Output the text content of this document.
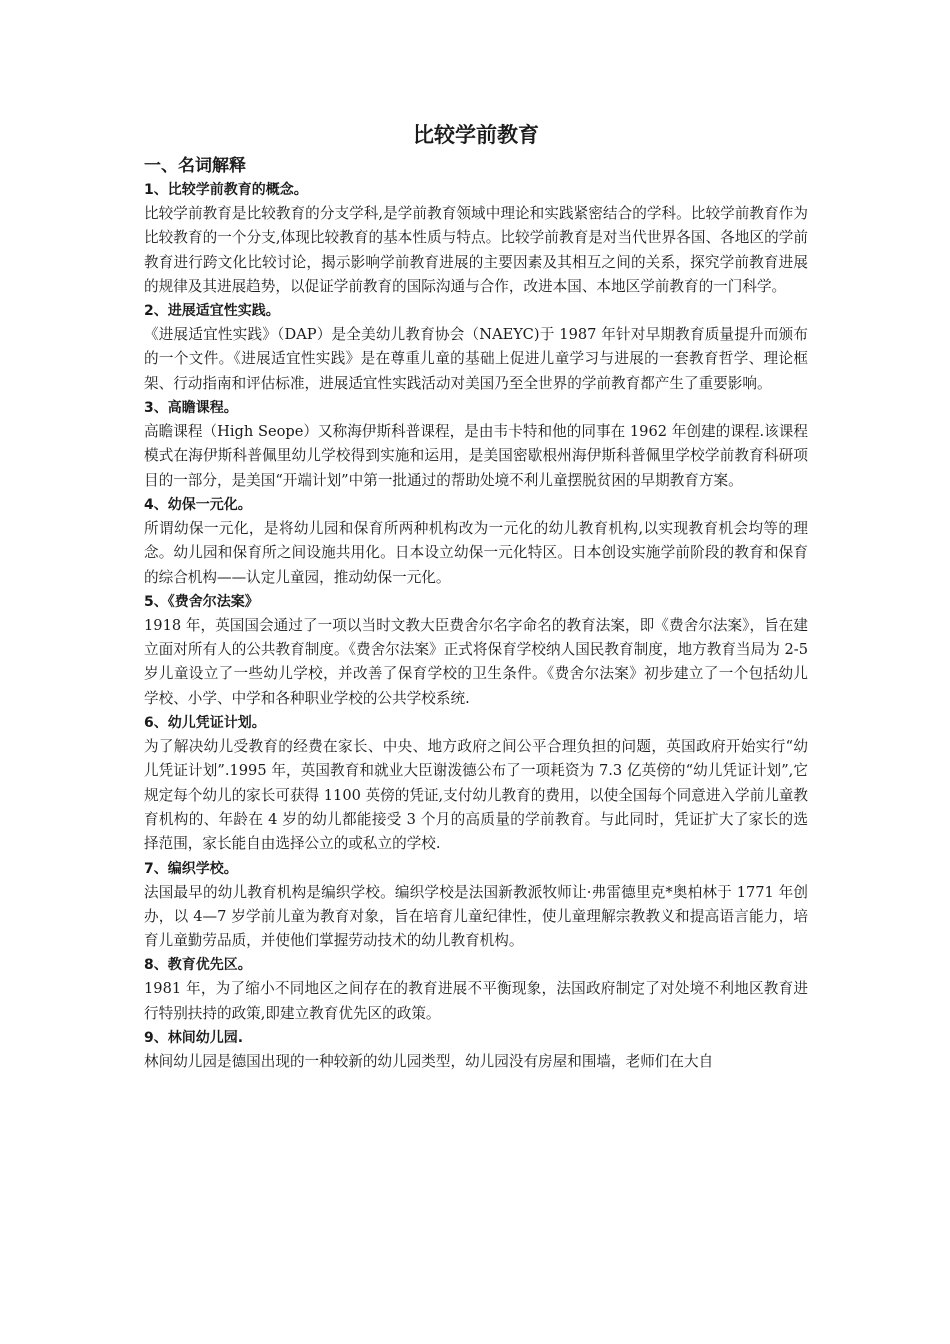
比较学前教育
一、名词解释
1、比较学前教育的概念。

比较学前教育是比较教育的分支学科,是学前教育领域中理论和实践紧密结合的学科。比较学前教育作为比较教育的一个分支,体现比较教育的基本性质与特点。比较学前教育是对当代世界各国、各地区的学前教育进行跨文化比较讨论，揭示影响学前教育进展的主要因素及其相互之间的关系，探究学前教育进展的规律及其进展趋势，以促证学前教育的国际沟通与合作，改进本国、本地区学前教育的一门科学。

2、进展适宜性实践。

《进展适宜性实践》（DAP）是全美幼儿教育协会（NAEYC)于 1987 年针对早期教育质量提升而颁布的一个文件。《进展适宜性实践》是在尊重儿童的基础上促进儿童学习与进展的一套教育哲学、理论框架、行动指南和评估标准，进展适宜性实践活动对美国乃至全世界的学前教育都产生了重要影响。

3、高瞻课程。

高瞻课程（High Seope）又称海伊斯科普课程，是由韦卡特和他的同事在 1962 年创建的课程.该课程模式在海伊斯科普佩里幼儿学校得到实施和运用，是美国密歇根州海伊斯科普佩里学校学前教育科研项目的一部分，是美国“开端计划”中第一批通过的帮助处境不利儿童摆脱贫困的早期教育方案。

4、幼保一元化。

所谓幼保一元化，是将幼儿园和保育所两种机构改为一元化的幼儿教育机构,以实现教育机会均等的理念。幼儿园和保育所之间设施共用化。日本设立幼保一元化特区。日本创设实施学前阶段的教育和保育的综合机构——认定儿童园，推动幼保一元化。

5、《费舍尔法案》

1918 年，英国国会通过了一项以当时文教大臣费舍尔名字命名的教育法案，即《费舍尔法案》，旨在建立面对所有人的公共教育制度。《费舍尔法案》正式将保育学校纳人国民教育制度，地方教育当局为 2-5 岁儿童设立了一些幼儿学校，并改善了保育学校的卫生条件。《费舍尔法案》初步建立了一个包括幼儿学校、小学、中学和各种职业学校的公共学校系统.

6、幼儿凭证计划。

为了解决幼儿受教育的经费在家长、中央、地方政府之间公平合理负担的问题，英国政府开始实行“幼儿凭证计划”.1995 年，英国教育和就业大臣谢泼德公布了一项耗资为 7.3 亿英傍的“幼儿凭证计划”,它规定每个幼儿的家长可获得 1100 英傍的凭证,支付幼儿教育的费用，以使全国每个同意进入学前儿童教育机构的、年龄在 4 岁的幼儿都能接受 3 个月的高质量的学前教育。与此同时，凭证扩大了家长的选择范围，家长能自由选择公立的或私立的学校.

7、编织学校。

法国最早的幼儿教育机构是编织学校。编织学校是法国新教派牧师让·弗雷德里克*奥柏林于 1771 年创办，以 4—7 岁学前儿童为教育对象，旨在培育儿童纪律性，使儿童理解宗教教义和提高语言能力，培育儿童勤劳品质，并使他们掌握劳动技术的幼儿教育机构。

8、教育优先区。

1981 年，为了缩小不同地区之间存在的教育进展不平衡现象，法国政府制定了对处境不利地区教育进行特别扶持的政策,即建立教育优先区的政策。

9、林间幼儿园.

林间幼儿园是德国出现的一种较新的幼儿园类型，幼儿园没有房屋和围墙，老师们在大自
